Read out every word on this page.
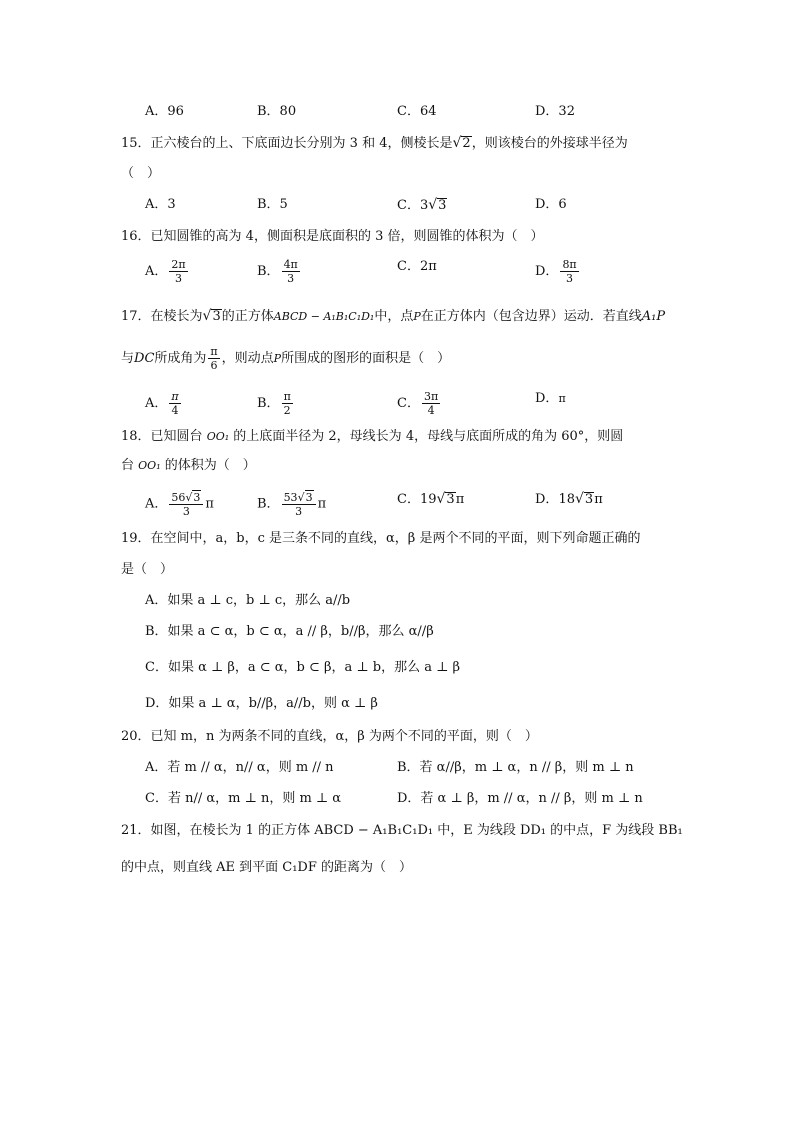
A．96	B．80	C．64	D．32
15．正六棱台的上、下底面边长分别为 3 和 4，侧棱长是√2，则该棱台的外接球半径为
（　）
A．3	B．5	C．3√3	D．6
16．已知圆锥的高为 4，侧面积是底面积的 3 倍，则圆锥的体积为（　）
A． $\frac{2\pi}{3}$	B． $\frac{4\pi}{3}$	C．2π	D． $\frac{8\pi}{3}$
17．在棱长为√3的正方体ABCD − A₁B₁C₁D₁中，点P在正方体内（包含边界）运动．若直线A₁P
与DC所成角为 $\frac{\pi}{6}$ ，则动点P所围成的图形的面积是（　）
A． $\frac{\pi}{4}$	B． $\frac{\pi}{2}$	C． $\frac{3\pi}{4}$	D．π
18．已知圆台 OO₁ 的上底面半径为 2，母线长为 4，母线与底面所成的角为 60°，则圆
台 OO₁ 的体积为（　）
A． $\frac{56√3}{3}$ π	B． $\frac{53√3}{3}$ π	C．19√3π	D．18√3π
19．在空间中，a，b，c 是三条不同的直线，α，β 是两个不同的平面，则下列命题正确的
是（　）
A．如果 a ⊥ c，b ⊥ c，那么 a//b
B．如果 a ⊂ α，b ⊂ α，a // β，b//β，那么 α//β
C．如果 α ⊥ β，a ⊂ α，b ⊂ β，a ⊥ b，那么 a ⊥ β
D．如果 a ⊥ α，b//β，a//b，则 α ⊥ β
20．已知 m，n 为两条不同的直线，α，β 为两个不同的平面，则（　）
A．若 m // α，n// α，则 m // n	B．若 α//β，m ⊥ α，n // β，则 m ⊥ n
C．若 n// α，m ⊥ n，则 m ⊥ α	D．若 α ⊥ β，m // α，n // β，则 m ⊥ n
21．如图，在棱长为 1 的正方体 ABCD − A₁B₁C₁D₁ 中，E 为线段 DD₁ 的中点，F 为线段 BB₁
的中点，则直线 AE 到平面 C₁DF 的距离为（　）
